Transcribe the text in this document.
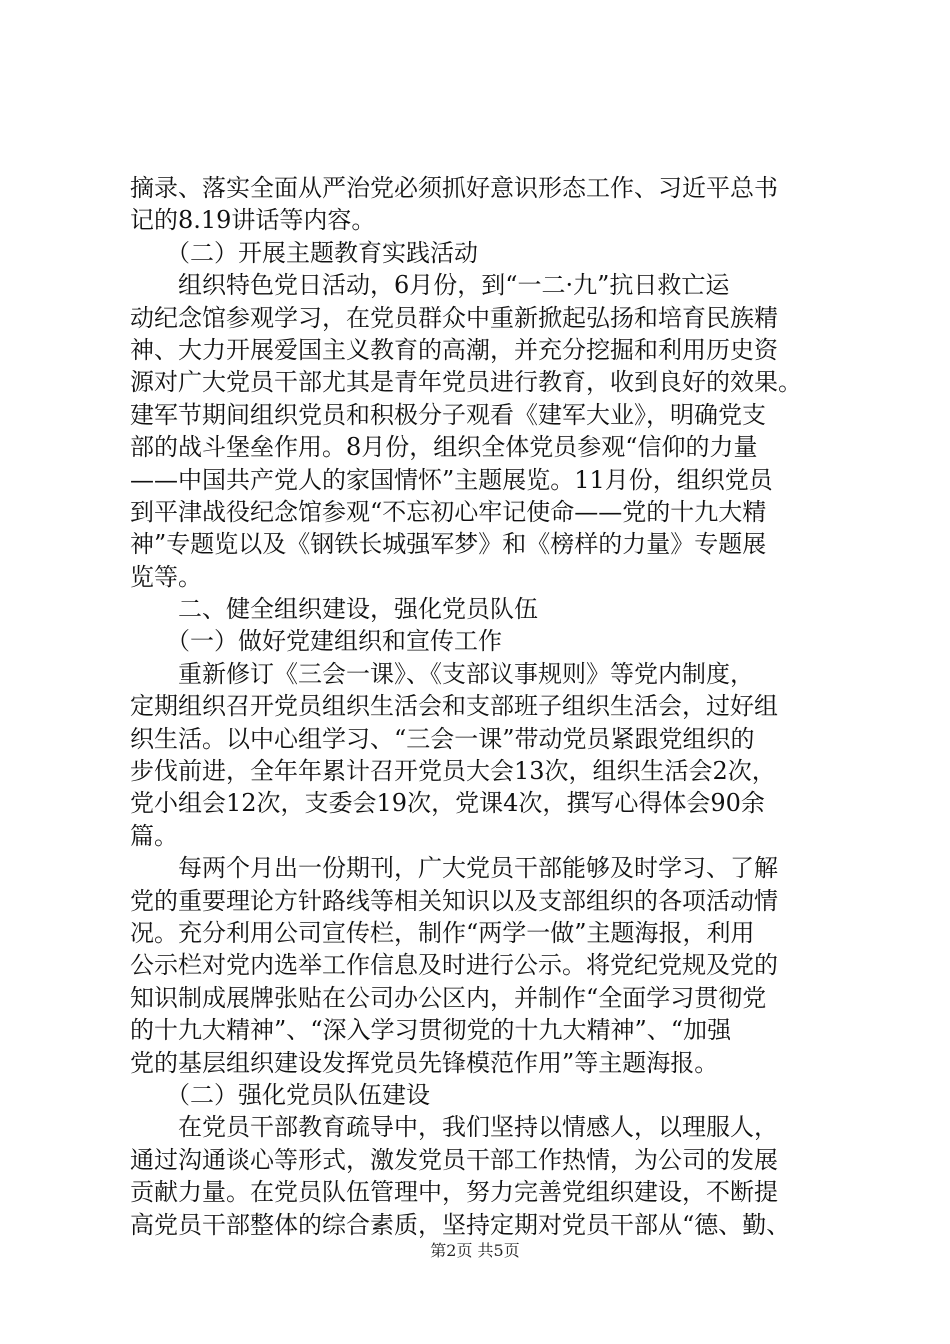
摘录、落实全面从严治党必须抓好意识形态工作、习近平总书
记的8.19讲话等内容。
（二）开展主题教育实践活动
组织特色党日活动，6月份，到“一二·九”抗日救亡运
动纪念馆参观学习，在党员群众中重新掀起弘扬和培育民族精
神、大力开展爱国主义教育的高潮，并充分挖掘和利用历史资
源对广大党员干部尤其是青年党员进行教育，收到良好的效果。
建军节期间组织党员和积极分子观看《建军大业》，明确党支
部的战斗堡垒作用。8月份，组织全体党员参观“信仰的力量
——中国共产党人的家国情怀”主题展览。11月份，组织党员
到平津战役纪念馆参观“不忘初心牢记使命——党的十九大精
神”专题览以及《钢铁长城强军梦》和《榜样的力量》专题展
览等。
二、健全组织建设，强化党员队伍
（一）做好党建组织和宣传工作
重新修订《三会一课》、《支部议事规则》等党内制度，
定期组织召开党员组织生活会和支部班子组织生活会，过好组
织生活。以中心组学习、“三会一课”带动党员紧跟党组织的
步伐前进，全年年累计召开党员大会13次，组织生活会2次，
党小组会12次，支委会19次，党课4次，撰写心得体会90余
篇。
每两个月出一份期刊，广大党员干部能够及时学习、了解
党的重要理论方针路线等相关知识以及支部组织的各项活动情
况。充分利用公司宣传栏，制作“两学一做”主题海报，利用
公示栏对党内选举工作信息及时进行公示。将党纪党规及党的
知识制成展牌张贴在公司办公区内，并制作“全面学习贯彻党
的十九大精神”、“深入学习贯彻党的十九大精神”、“加强
党的基层组织建设发挥党员先锋模范作用”等主题海报。
（二）强化党员队伍建设
在党员干部教育疏导中，我们坚持以情感人，以理服人，
通过沟通谈心等形式，激发党员干部工作热情，为公司的发展
贡献力量。在党员队伍管理中，努力完善党组织建设，不断提
高党员干部整体的综合素质，坚持定期对党员干部从“德、勤、
第2页 共5页
